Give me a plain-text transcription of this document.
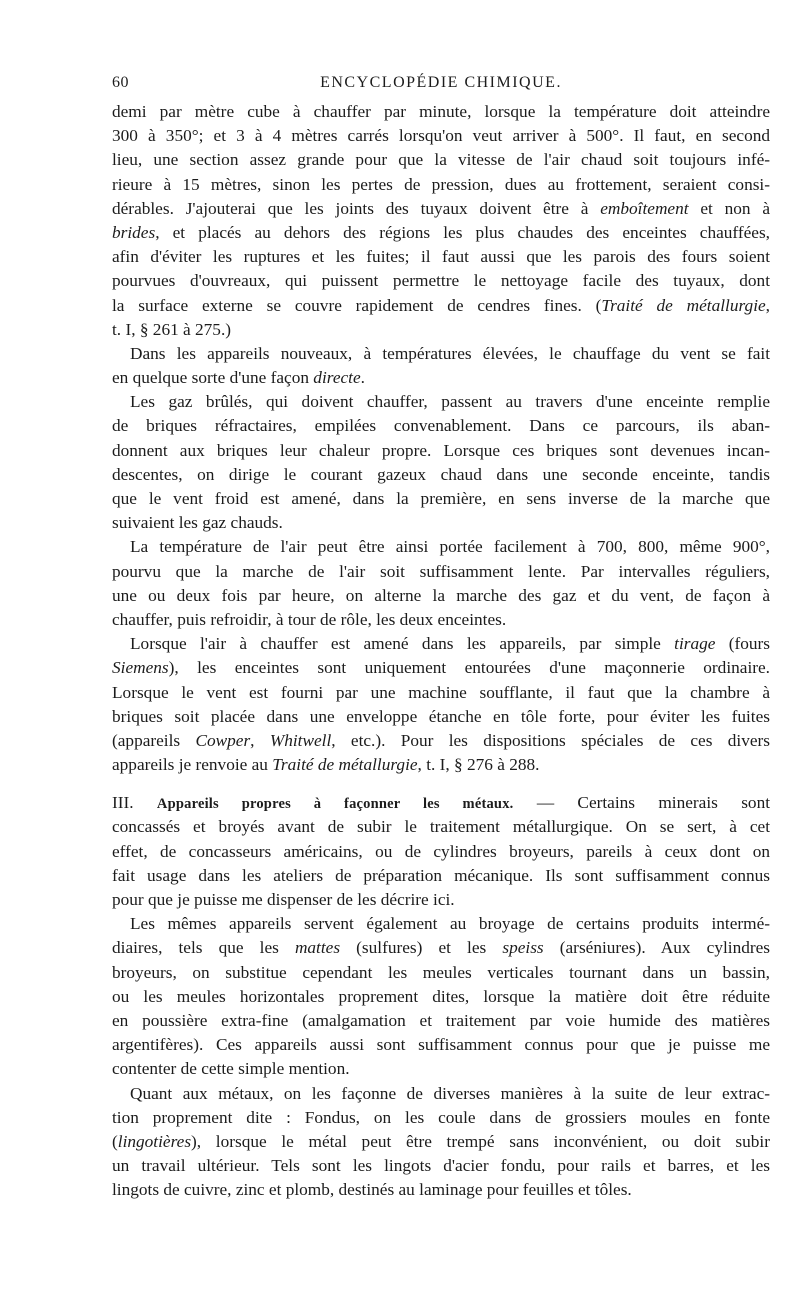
60	ENCYCLOPÉDIE CHIMIQUE.
demi par mètre cube à chauffer par minute, lorsque la température doit atteindre
300 à 350°; et 3 à 4 mètres carrés lorsqu'on veut arriver à 500°. Il faut, en second
lieu, une section assez grande pour que la vitesse de l'air chaud soit toujours infé-
rieure à 15 mètres, sinon les pertes de pression, dues au frottement, seraient consi-
dérables. J'ajouterai que les joints des tuyaux doivent être à emboîtement et non à
brides, et placés au dehors des régions les plus chaudes des enceintes chauffées,
afin d'éviter les ruptures et les fuites; il faut aussi que les parois des fours soient
pourvues d'ouvreaux, qui puissent permettre le nettoyage facile des tuyaux, dont
la surface externe se couvre rapidement de cendres fines. (Traité de métallurgie,
t. I, § 261 à 275.)
Dans les appareils nouveaux, à températures élevées, le chauffage du vent se fait
en quelque sorte d'une façon directe.
Les gaz brûlés, qui doivent chauffer, passent au travers d'une enceinte remplie
de briques réfractaires, empilées convenablement. Dans ce parcours, ils aban-
donnent aux briques leur chaleur propre. Lorsque ces briques sont devenues incan-
descentes, on dirige le courant gazeux chaud dans une seconde enceinte, tandis
que le vent froid est amené, dans la première, en sens inverse de la marche que
suivaient les gaz chauds.
La température de l'air peut être ainsi portée facilement à 700, 800, même 900°,
pourvu que la marche de l'air soit suffisamment lente. Par intervalles réguliers,
une ou deux fois par heure, on alterne la marche des gaz et du vent, de façon à
chauffer, puis refroidir, à tour de rôle, les deux enceintes.
Lorsque l'air à chauffer est amené dans les appareils, par simple tirage (fours
Siemens), les enceintes sont uniquement entourées d'une maçonnerie ordinaire.
Lorsque le vent est fourni par une machine soufflante, il faut que la chambre à
briques soit placée dans une enveloppe étanche en tôle forte, pour éviter les fuites
(appareils Cowper, Whitwell, etc.). Pour les dispositions spéciales de ces divers
appareils je renvoie au Traité de métallurgie, t. I, § 276 à 288.
III. Appareils propres à façonner les métaux. — Certains minerais sont
concassés et broyés avant de subir le traitement métallurgique. On se sert, à cet
effet, de concasseurs américains, ou de cylindres broyeurs, pareils à ceux dont on
fait usage dans les ateliers de préparation mécanique. Ils sont suffisamment connus
pour que je puisse me dispenser de les décrire ici.
Les mêmes appareils servent également au broyage de certains produits intermé-
diaires, tels que les mattes (sulfures) et les speiss (arséniures). Aux cylindres
broyeurs, on substitue cependant les meules verticales tournant dans un bassin,
ou les meules horizontales proprement dites, lorsque la matière doit être réduite
en poussière extra-fine (amalgamation et traitement par voie humide des matières
argentifères). Ces appareils aussi sont suffisamment connus pour que je puisse me
contenter de cette simple mention.
Quant aux métaux, on les façonne de diverses manières à la suite de leur extrac-
tion proprement dite : Fondus, on les coule dans de grossiers moules en fonte
(lingotières), lorsque le métal peut être trempé sans inconvénient, ou doit subir
un travail ultérieur. Tels sont les lingots d'acier fondu, pour rails et barres, et les
lingots de cuivre, zinc et plomb, destinés au laminage pour feuilles et tôles.
